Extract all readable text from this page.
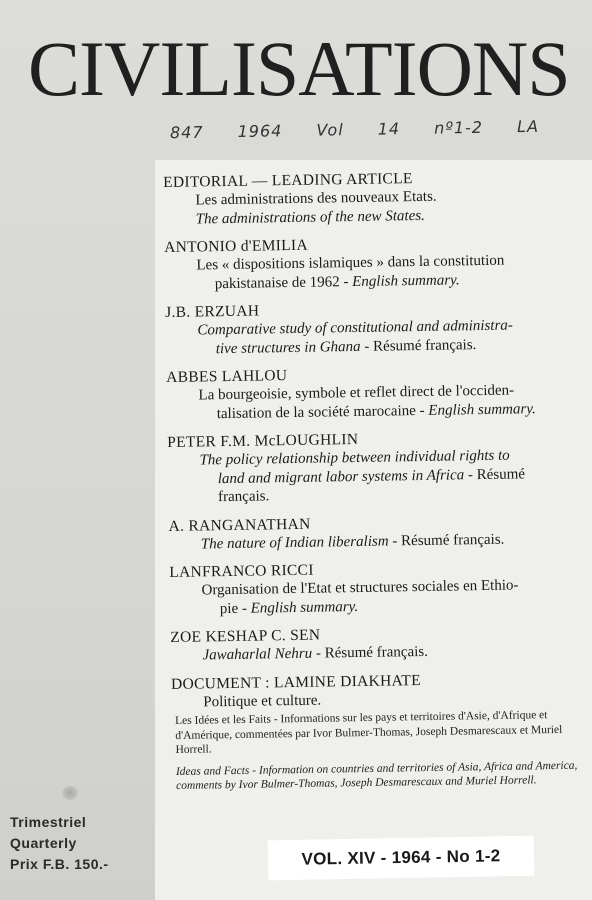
CIVILISATIONS
847 1964 Vol 14 nº1-2 LA
EDITORIAL — LEADING ARTICLE
Les administrations des nouveaux Etats.
The administrations of the new States.
ANTONIO d'EMILIA
Les « dispositions islamiques » dans la constitution
pakistanaise de 1962 - English summary.
J.B. ERZUAH
Comparative study of constitutional and administra-
tive structures in Ghana - Résumé français.
ABBES LAHLOU
La bourgeoisie, symbole et reflet direct de l'occiden-
talisation de la société marocaine - English summary.
PETER F.M. McLOUGHLIN
The policy relationship between individual rights to
land and migrant labor systems in Africa - Résumé
français.
A. RANGANATHAN
The nature of Indian liberalism - Résumé français.
LANFRANCO RICCI
Organisation de l'Etat et structures sociales en Ethio-
pie - English summary.
ZOE KESHAP C. SEN
Jawaharlal Nehru - Résumé français.
DOCUMENT : LAMINE DIAKHATE
Politique et culture.

Les Idées et les Faits - Informations sur les pays et territoires d'Asie, d'Afrique et d'Amérique, commentées par Ivor Bulmer-Thomas, Joseph Desmarescaux et Muriel Horrell.

Ideas and Facts - Information on countries and territories of Asia, Africa and America, comments by Ivor Bulmer-Thomas, Joseph Desmarescaux and Muriel Horrell.

Trimestriel
Quarterly
Prix F.B. 150.-	VOL. XIV - 1964 - No 1-2
